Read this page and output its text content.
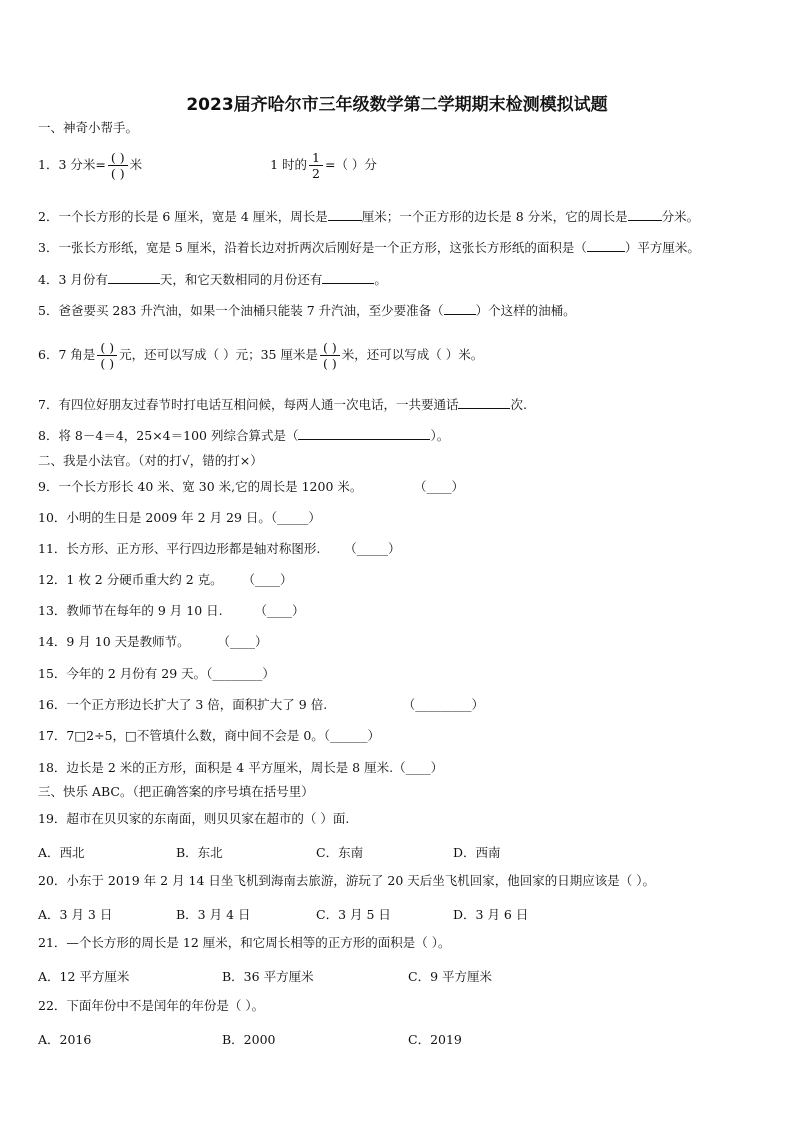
2023届齐哈尔市三年级数学第二学期期末检测模拟试题
一、神奇小帮手。
1．3 分米= $\frac{( )}{( )}$ 米	1 时的 $\frac{1}{2}$ =（ ）分
2．一个长方形的长是 6 厘米，宽是 4 厘米，周长是	厘米；一个正方形的边长是 8 分米，它的周长是	分米。
3．一张长方形纸，宽是 5 厘米，沿着长边对折两次后刚好是一个正方形，这张长方形纸的面积是（	）平方厘米。
4．3 月份有	天，和它天数相同的月份还有	。
5．爸爸要买 283 升汽油，如果一个油桶只能装 7 升汽油，至少要准备（	）个这样的油桶。
6．7 角是 $\frac{( )}{( )}$ 元，还可以写成（ ）元；35 厘米是 $\frac{( )}{( )}$ 米，还可以写成（ ）米。
7．有四位好朋友过春节时打电话互相问候，每两人通一次电话，一共要通话	次.
8．将 8－4＝4，25×4＝100 列综合算式是（	）。
二、我是小法官。（对的打√，错的打×）
9．一个长方形长 40 米、宽 30 米,它的周长是 1200 米。	（____）
10．小明的生日是 2009 年 2 月 29 日。（_____）
11．长方形、正方形、平行四边形都是轴对称图形. （_____）
12．1 枚 2 分硬币重大约 2 克。 （____）
13．教师节在每年的 9 月 10 日.	（____）
14．9 月 10 天是教师节。 （____）
15．今年的 2 月份有 29 天。（________）
16．一个正方形边长扩大了 3 倍，面积扩大了 9 倍.	（_________）
17．7□2÷5，□不管填什么数，商中间不会是 0。（______）
18．边长是 2 米的正方形，面积是 4 平方厘米，周长是 8 厘米.（____）
三、快乐 ABC。（把正确答案的序号填在括号里）
19．超市在贝贝家的东南面，则贝贝家在超市的（ ）面.
A．西北	B．东北	C．东南	D．西南
20．小东于 2019 年 2 月 14 日坐飞机到海南去旅游，游玩了 20 天后坐飞机回家，他回家的日期应该是（ ）。
A．3 月 3 日	B．3 月 4 日	C．3 月 5 日	D．3 月 6 日
21．—个长方形的周长是 12 厘米，和它周长相等的正方形的面积是（ ）。
A．12 平方厘米	B．36 平方厘米	C．9 平方厘米
22．下面年份中不是闰年的年份是（ ）。
A．2016	B．2000	C．2019
